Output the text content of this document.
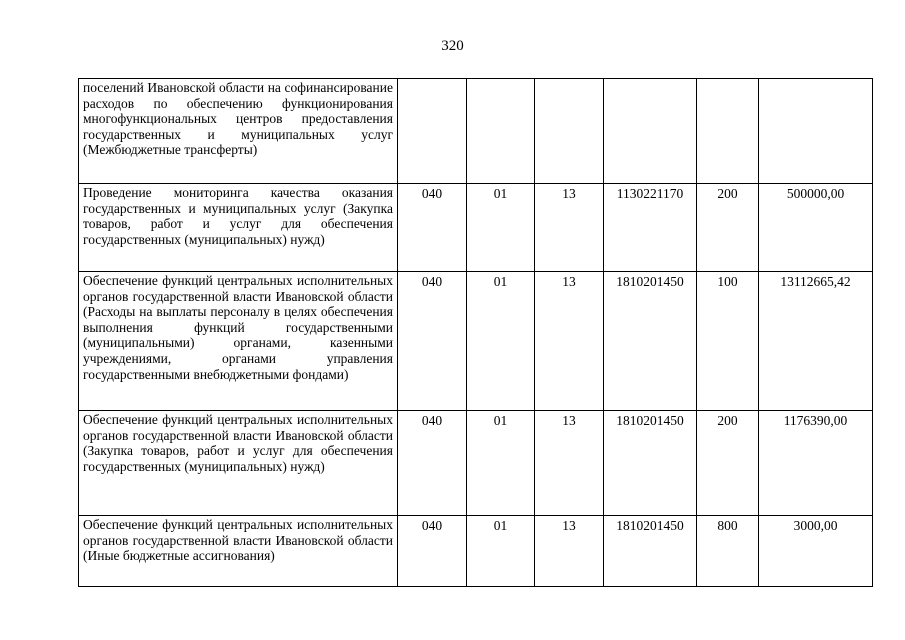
320
поселений Ивановской области на софинансирование расходов по обеспечению функционирования многофункциональных центров предоставления государственных и муниципальных услуг (Межбюджетные трансферты)						
Проведение мониторинга качества оказания государственных и муниципальных услуг (Закупка товаров, работ и услуг для обеспечения государственных (муниципальных) нужд)	040	01	13	1130221170	200	500000,00
Обеспечение функций центральных исполнительных органов государственной власти Ивановской области (Расходы на выплаты персоналу в целях обеспечения выполнения функций государственными (муниципальными) органами, казенными учреждениями, органами управления государственными внебюджетными фондами)	040	01	13	1810201450	100	13112665,42
Обеспечение функций центральных исполнительных органов государственной власти Ивановской области (Закупка товаров, работ и услуг для обеспечения государственных (муниципальных) нужд)	040	01	13	1810201450	200	1176390,00
Обеспечение функций центральных исполнительных органов государственной власти Ивановской области (Иные бюджетные ассигнования)	040	01	13	1810201450	800	3000,00
